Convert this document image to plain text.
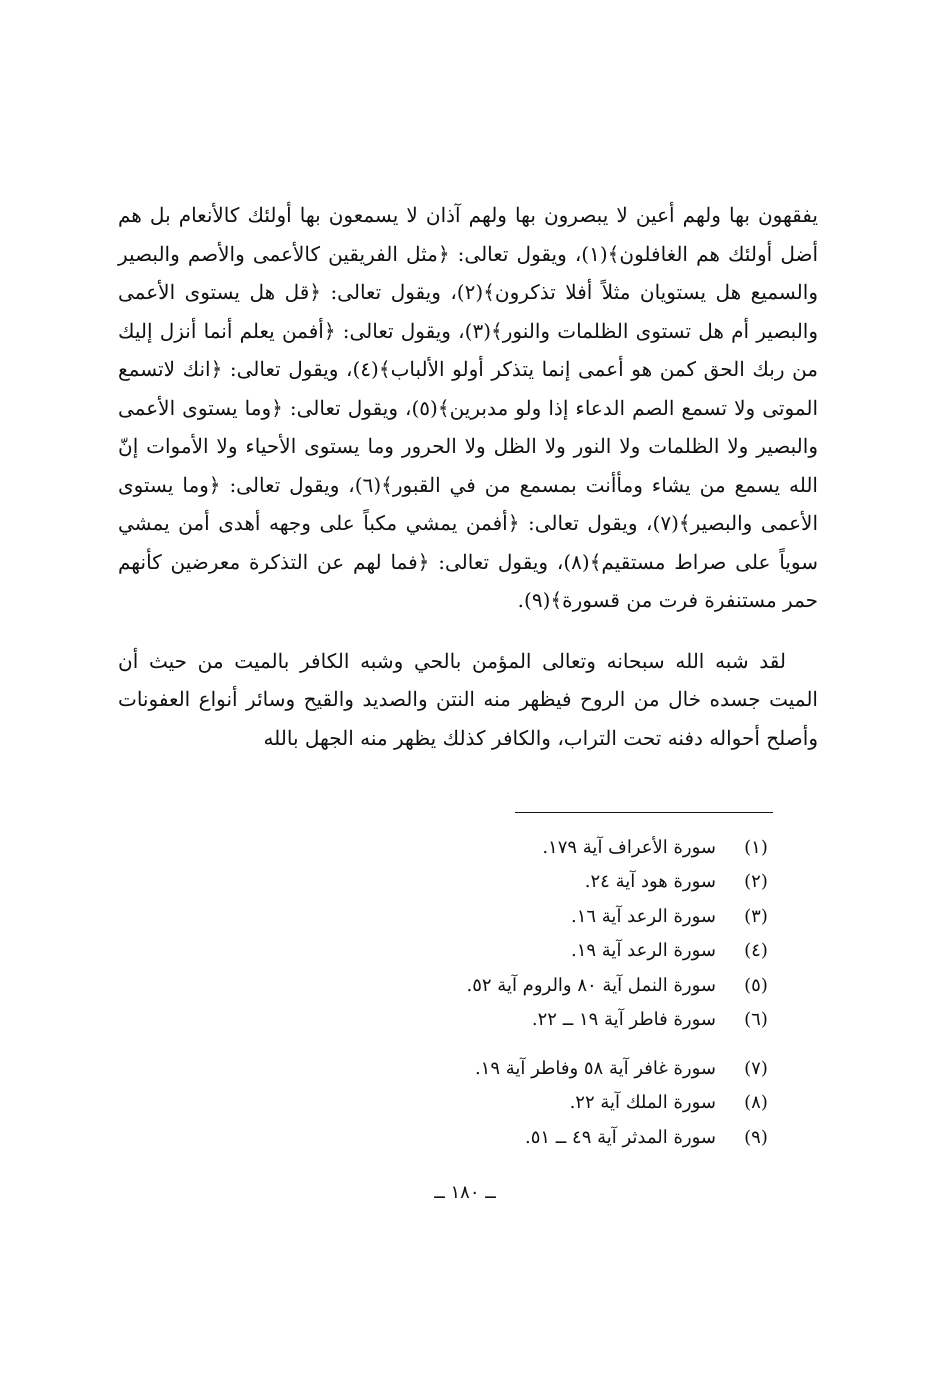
يفقهون بها ولهم أعين لا يبصرون بها ولهم آذان لا يسمعون بها أولئك كالأنعام بل هم أضل أولئك هم الغافلون﴾(١)، ويقول تعالى: ﴿مثل الفريقين كالأعمى والأصم والبصير والسميع هل يستويان مثلاً أفلا تذكرون﴾(٢)، ويقول تعالى: ﴿قل هل يستوى الأعمى والبصير أم هل تستوى الظلمات والنور﴾(٣)، ويقول تعالى: ﴿أفمن يعلم أنما أنزل إليك من ربك الحق كمن هو أعمى إنما يتذكر أولو الألباب﴾(٤)، ويقول تعالى: ﴿انك لاتسمع الموتى ولا تسمع الصم الدعاء إذا ولو مدبرين﴾(٥)، ويقول تعالى: ﴿وما يستوى الأعمى والبصير ولا الظلمات ولا النور ولا الظل ولا الحرور وما يستوى الأحياء ولا الأموات إنّ الله يسمع من يشاء ومأأنت بمسمع من في القبور﴾(٦)، ويقول تعالى: ﴿وما يستوى الأعمى والبصير﴾(٧)، ويقول تعالى: ﴿أفمن يمشي مكباً على وجهه أهدى أمن يمشي سوياً على صراط مستقيم﴾(٨)، ويقول تعالى: ﴿فما لهم عن التذكرة معرضين كأنهم حمر مستنفرة فرت من قسورة﴾(٩).

لقد شبه الله سبحانه وتعالى المؤمن بالحي وشبه الكافر بالميت من حيث أن الميت جسده خال من الروح فيظهر منه النتن والصديد والقيح وسائر أنواع العفونات وأصلح أحواله دفنه تحت التراب، والكافر كذلك يظهر منه الجهل بالله

(١)
سورة الأعراف آية ١٧٩.
(٢)
سورة هود آية ٢٤.
(٣)
سورة الرعد آية ١٦.
(٤)
سورة الرعد آية ١٩.
(٥)
سورة النمل آية ٨٠ والروم آية ٥٢.
(٦)
سورة فاطر آية ١٩ ــ ٢٢.
(٧)
سورة غافر آية ٥٨ وفاطر آية ١٩.
(٨)
سورة الملك آية ٢٢.
(٩)
سورة المدثر آية ٤٩ ــ ٥١.
ــ ١٨٠ ــ
